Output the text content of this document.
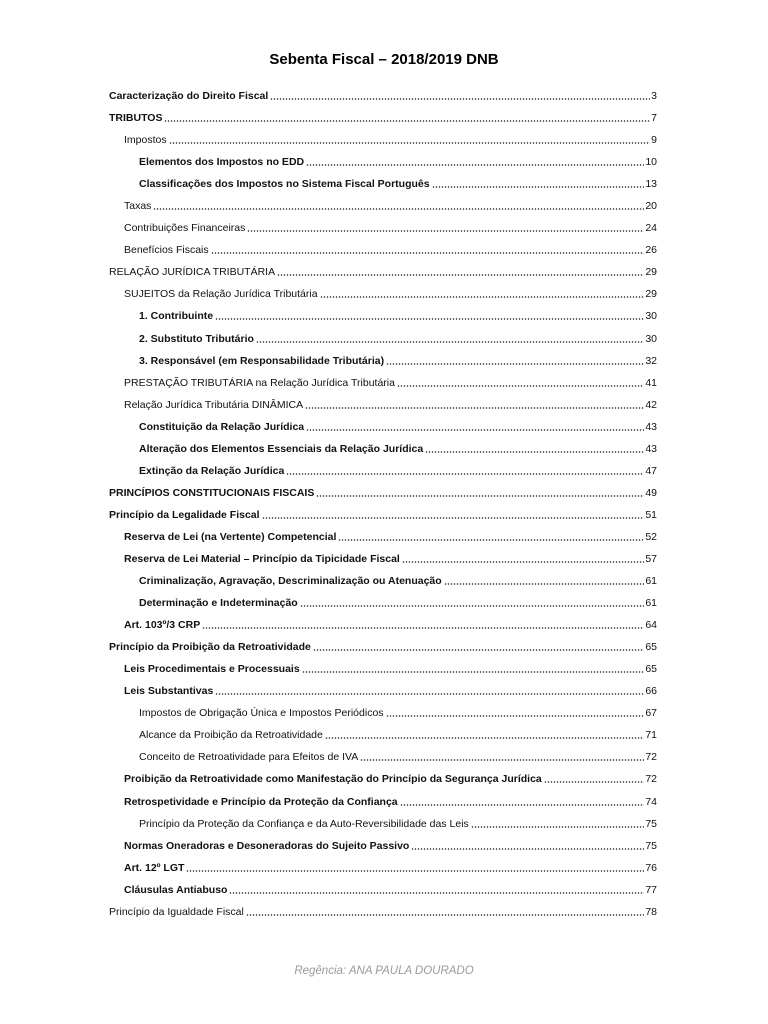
Sebenta Fiscal – 2018/2019 DNB
Caracterização do Direito Fiscal	3
TRIBUTOS	7
Impostos	9
Elementos dos Impostos no EDD	10
Classificações dos Impostos no Sistema Fiscal Português	13
Taxas	20
Contribuições Financeiras	24
Benefícios Fiscais	26
RELAÇÃO JURÍDICA TRIBUTÁRIA	29
SUJEITOS da Relação Jurídica Tributária	29
1. Contribuinte	30
2. Substituto Tributário	30
3. Responsável (em Responsabilidade Tributária)	32
PRESTAÇÃO TRIBUTÁRIA na Relação Jurídica Tributária	41
Relação Jurídica Tributária DINÂMICA	42
Constituição da Relação Jurídica	43
Alteração dos Elementos Essenciais da Relação Jurídica	43
Extinção da Relação Jurídica	47
PRINCÍPIOS CONSTITUCIONAIS FISCAIS	49
Princípio da Legalidade Fiscal	51
Reserva de Lei (na Vertente) Competencial	52
Reserva de Lei Material – Princípio da Tipicidade Fiscal	57
Criminalização, Agravação, Descriminalização ou Atenuação	61
Determinação e Indeterminação	61
Art. 103º/3 CRP	64
Princípio da Proibição da Retroatividade	65
Leis Procedimentais e Processuais	65
Leis Substantivas	66
Impostos de Obrigação Única e Impostos Periódicos	67
Alcance da Proibição da Retroatividade	71
Conceito de Retroatividade para Efeitos de IVA	72
Proibição da Retroatividade como Manifestação do Princípio da Segurança Jurídica	72
Retrospetividade e Princípio da Proteção da Confiança	74
Princípio da Proteção da Confiança e da Auto-Reversibilidade das Leis	75
Normas Oneradoras e Desoneradoras do Sujeito Passivo	75
Art. 12º LGT	76
Cláusulas Antiabuso	77
Princípio da Igualdade Fiscal	78
Regência: ANA PAULA DOURADO
